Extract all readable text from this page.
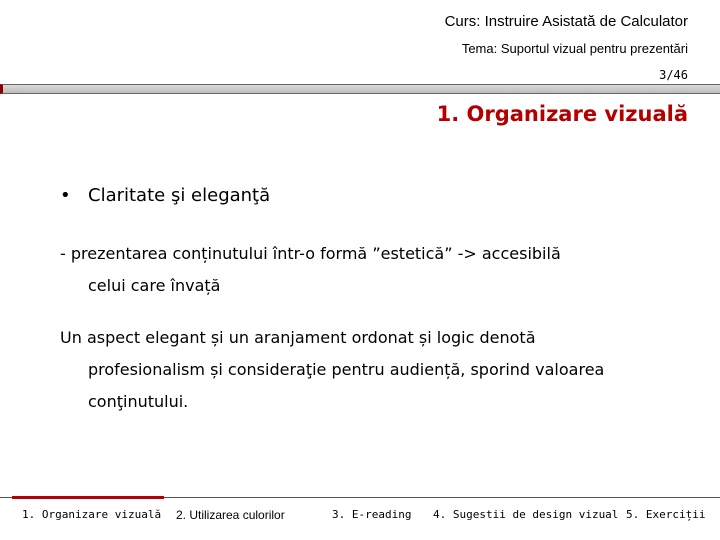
Curs: Instruire Asistată de Calculator
Tema: Suportul vizual pentru prezentări
3/46
1. Organizare vizuală
• Claritate şi eleganţă
- prezentarea conținutului într-o formă ”estetică” -> accesibilă
celui care învață
Un aspect elegant și un aranjament ordonat și logic denotă
profesionalism și consideraţie pentru audiență, sporind valoarea
conţinutului.
1. Organizare vizuală 2. Utilizarea culorilor	3. E-reading 4. Sugestii de design vizual 5. Exerciții
